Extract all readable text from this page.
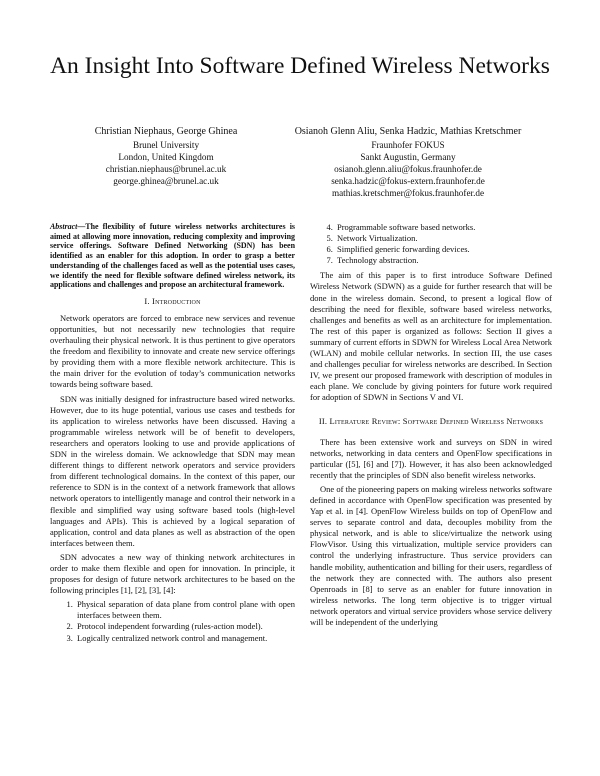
An Insight Into Software Defined Wireless Networks
Christian Niephaus, George Ghinea
Brunel University
London, United Kingdom
christian.niephaus@brunel.ac.uk
george.ghinea@brunel.ac.uk
Osianoh Glenn Aliu, Senka Hadzic, Mathias Kretschmer
Fraunhofer FOKUS
Sankt Augustin, Germany
osianoh.glenn.aliu@fokus.fraunhofer.de
senka.hadzic@fokus-extern.fraunhofer.de
mathias.kretschmer@fokus.fraunhofer.de

Abstract—The flexibility of future wireless networks architectures is aimed at allowing more innovation, reducing complexity and improving service offerings. Software Defined Networking (SDN) has been identified as an enabler for this adoption. In order to grasp a better understanding of the challenges faced as well as the potential uses cases, we identify the need for flexible software defined wireless network, its applications and challenges and propose an architectural framework.

I. Introduction

Network operators are forced to embrace new services and revenue opportunities, but not necessarily new technologies that require overhauling their physical network. It is thus pertinent to give operators the freedom and flexibility to innovate and create new service offerings by providing them with a more flexible network architecture. This is the main driver for the evolution of today’s communication networks towards being software based.

SDN was initially designed for infrastructure based wired networks. However, due to its huge potential, various use cases and testbeds for its application to wireless networks have been discussed. Having a programmable wireless network will be of benefit to developers, researchers and operators looking to use and provide applications of SDN in the wireless domain. We acknowledge that SDN may mean different things to different network operators and service providers from different technological domains. In the context of this paper, our reference to SDN is in the context of a network framework that allows network operators to intelligently manage and control their network in a flexible and simplified way using software based tools (high-level languages and APIs). This is achieved by a logical separation of application, control and data planes as well as abstraction of the open interfaces between them.

SDN advocates a new way of thinking network architectures in order to make them flexible and open for innovation. In principle, it proposes for design of future network architectures to be based on the following principles [1], [2], [3], [4]:

1. Physical separation of data plane from control plane with open interfaces between them.
2. Protocol independent forwarding (rules-action model).
3. Logically centralized network control and management.
4. Programmable software based networks.
5. Network Virtualization.
6. Simplified generic forwarding devices.
7. Technology abstraction.

The aim of this paper is to first introduce Software Defined Wireless Network (SDWN) as a guide for further research that will be done in the wireless domain. Second, to present a logical flow of describing the need for flexible, software based wireless networks, challenges and benefits as well as an architecture for implementation. The rest of this paper is organized as follows: Section II gives a summary of current efforts in SDWN for Wireless Local Area Network (WLAN) and mobile cellular networks. In section III, the use cases and challenges peculiar for wireless networks are described. In Section IV, we present our proposed framework with description of modules in each plane. We conclude by giving pointers for future work required for adoption of SDWN in Sections V and VI.

II. Literature Review: Software Defined Wireless Networks

There has been extensive work and surveys on SDN in wired networks, networking in data centers and OpenFlow specifications in particular ([5], [6] and [7]). However, it has also been acknowledged recently that the principles of SDN also benefit wireless networks.

One of the pioneering papers on making wireless networks software defined in accordance with OpenFlow specification was presented by Yap et al. in [4]. OpenFlow Wireless builds on top of OpenFlow and serves to separate control and data, decouples mobility from the physical network, and is able to slice/virtualize the network using FlowVisor. Using this virtualization, multiple service providers can control the underlying infrastructure. Thus service providers can handle mobility, authentication and billing for their users, regardless of the network they are connected with. The authors also present Openroads in [8] to serve as an enabler for future innovation in wireless networks. The long term objective is to trigger virtual network operators and virtual service providers whose service delivery will be independent of the underlying
